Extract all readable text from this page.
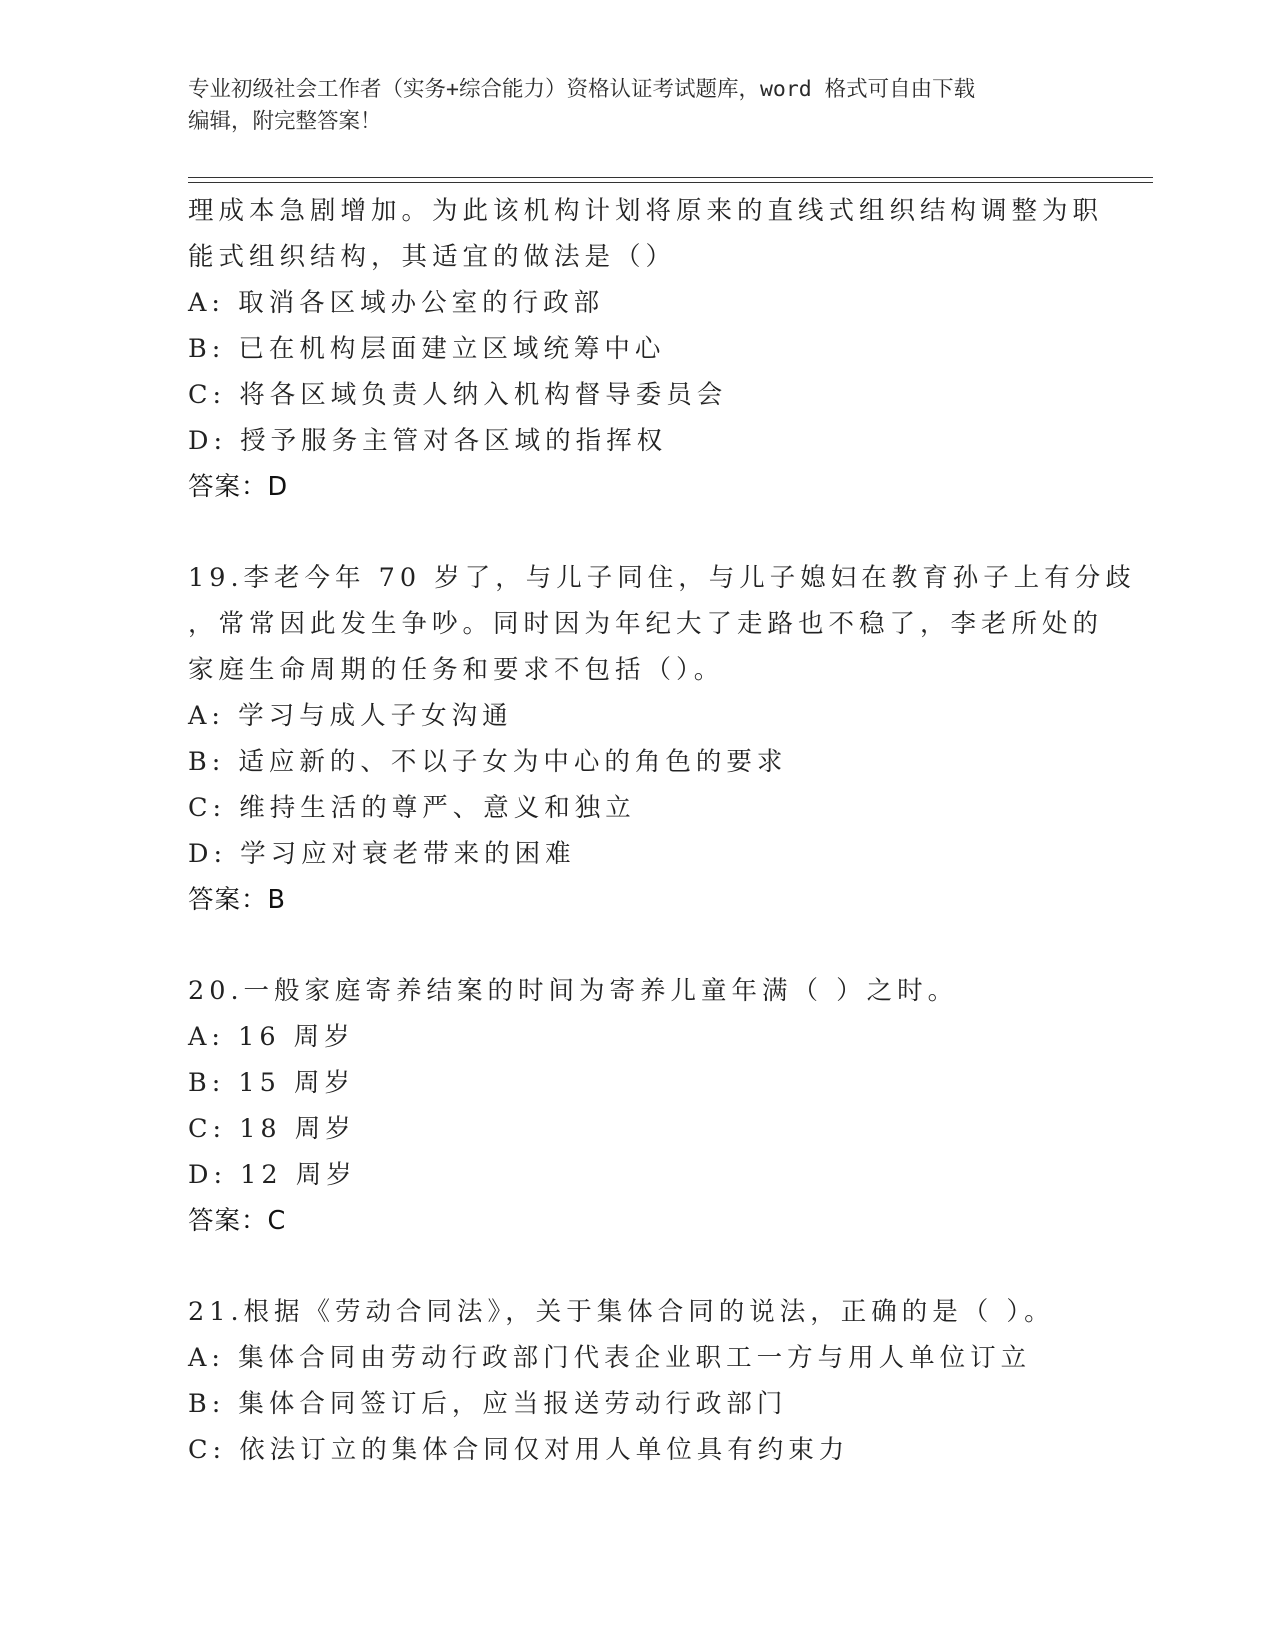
专业初级社会工作者（实务+综合能力）资格认证考试题库，word 格式可自由下载
编辑，附完整答案！
理成本急剧增加。为此该机构计划将原来的直线式组织结构调整为职
能式组织结构，其适宜的做法是（）
A: 取消各区域办公室的行政部
B: 已在机构层面建立区域统筹中心
C: 将各区域负责人纳入机构督导委员会
D: 授予服务主管对各区域的指挥权
答案：D
19.李老今年 70 岁了，与儿子同住，与儿子媳妇在教育孙子上有分歧
，常常因此发生争吵。同时因为年纪大了走路也不稳了，李老所处的
家庭生命周期的任务和要求不包括（）。
A: 学习与成人子女沟通
B: 适应新的、不以子女为中心的角色的要求
C: 维持生活的尊严、意义和独立
D: 学习应对衰老带来的困难
答案：B
20.一般家庭寄养结案的时间为寄养儿童年满（ ）之时。
A: 16 周岁
B: 15 周岁
C: 18 周岁
D: 12 周岁
答案：C
21.根据《劳动合同法》，关于集体合同的说法，正确的是（ ）。
A: 集体合同由劳动行政部门代表企业职工一方与用人单位订立
B: 集体合同签订后，应当报送劳动行政部门
C: 依法订立的集体合同仅对用人单位具有约束力
